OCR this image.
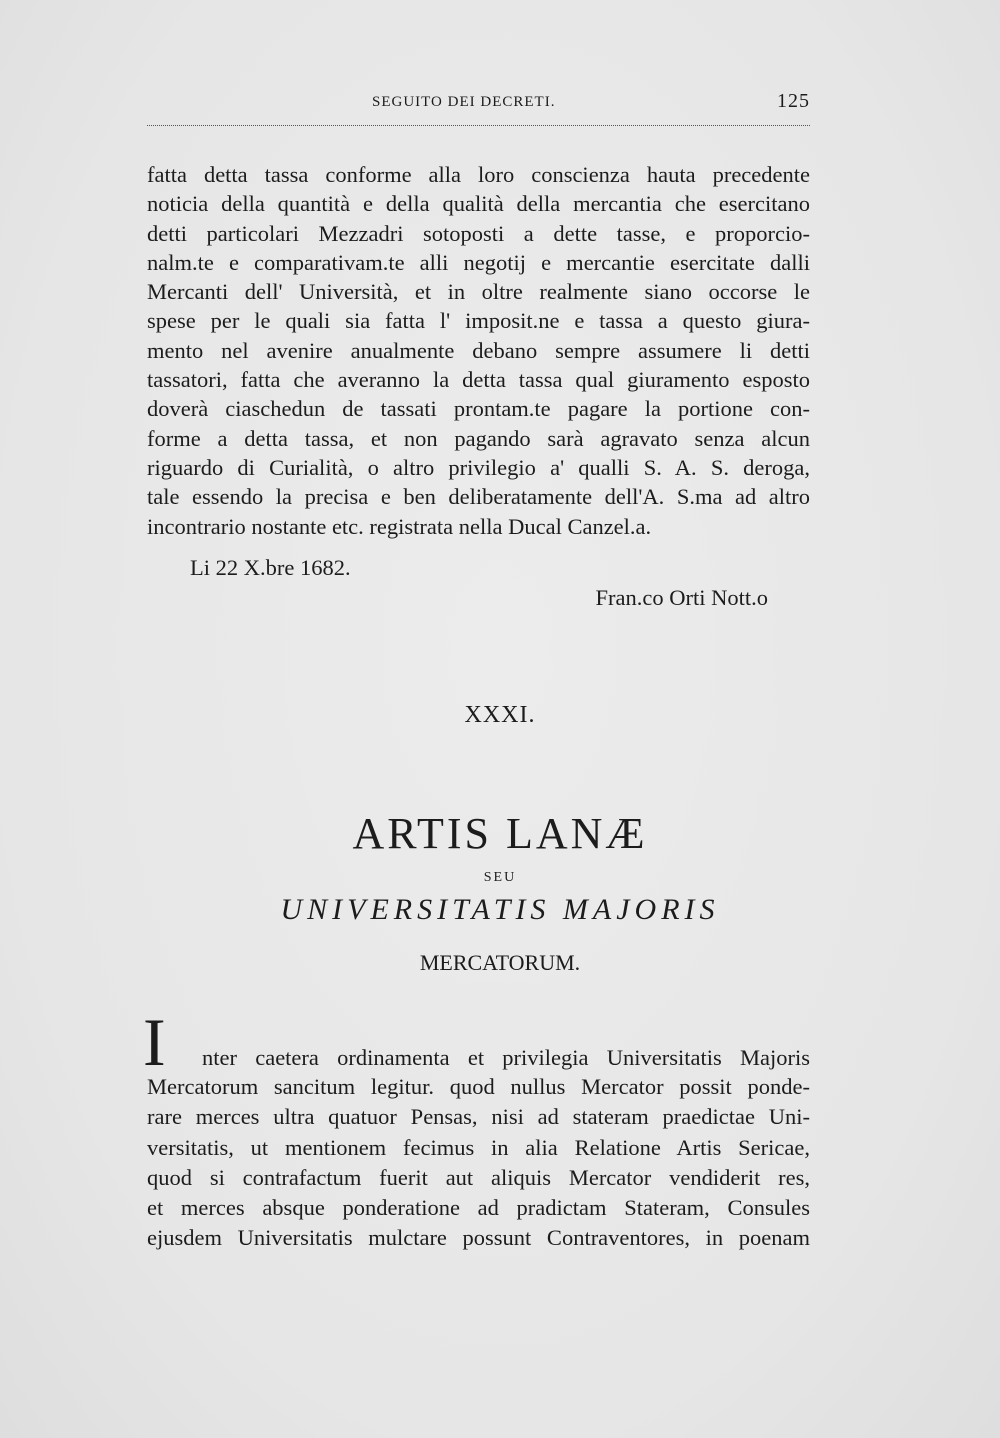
SEGUITO DEI DECRETI.	125
fatta detta tassa conforme alla loro conscienza hauta precedente
noticia della quantità e della qualità della mercantia che esercitano
detti particolari Mezzadri sotoposti a dette tasse, e proporcio-
nalm.te e comparativam.te alli negotij e mercantie esercitate dalli
Mercanti dell' Università, et in oltre realmente siano occorse le
spese per le quali sia fatta l' imposit.ne e tassa a questo giura-
mento nel avenire anualmente debano sempre assumere li detti
tassatori, fatta che averanno la detta tassa qual giuramento esposto
doverà ciaschedun de tassati prontam.te pagare la portione con-
forme a detta tassa, et non pagando sarà agravato senza alcun
riguardo di Curialità, o altro privilegio a' qualli S. A. S. deroga,
tale essendo la precisa e ben deliberatamente dell'A. S.ma ad altro
incontrario nostante etc. registrata nella Ducal Canzel.a.
Li 22 X.bre 1682.
Fran.co Orti Nott.o
XXXI.
ARTIS LANÆ
SEU
UNIVERSITATIS MAJORIS
MERCATORUM.
I nter caetera ordinamenta et privilegia Universitatis Majoris
Mercatorum sancitum legitur. quod nullus Mercator possit ponde-
rare merces ultra quatuor Pensas, nisi ad stateram praedictae Uni-
versitatis, ut mentionem fecimus in alia Relatione Artis Sericae,
quod si contrafactum fuerit aut aliquis Mercator vendiderit res,
et merces absque ponderatione ad pradictam Stateram, Consules
ejusdem Universitatis mulctare possunt Contraventores, in poenam
